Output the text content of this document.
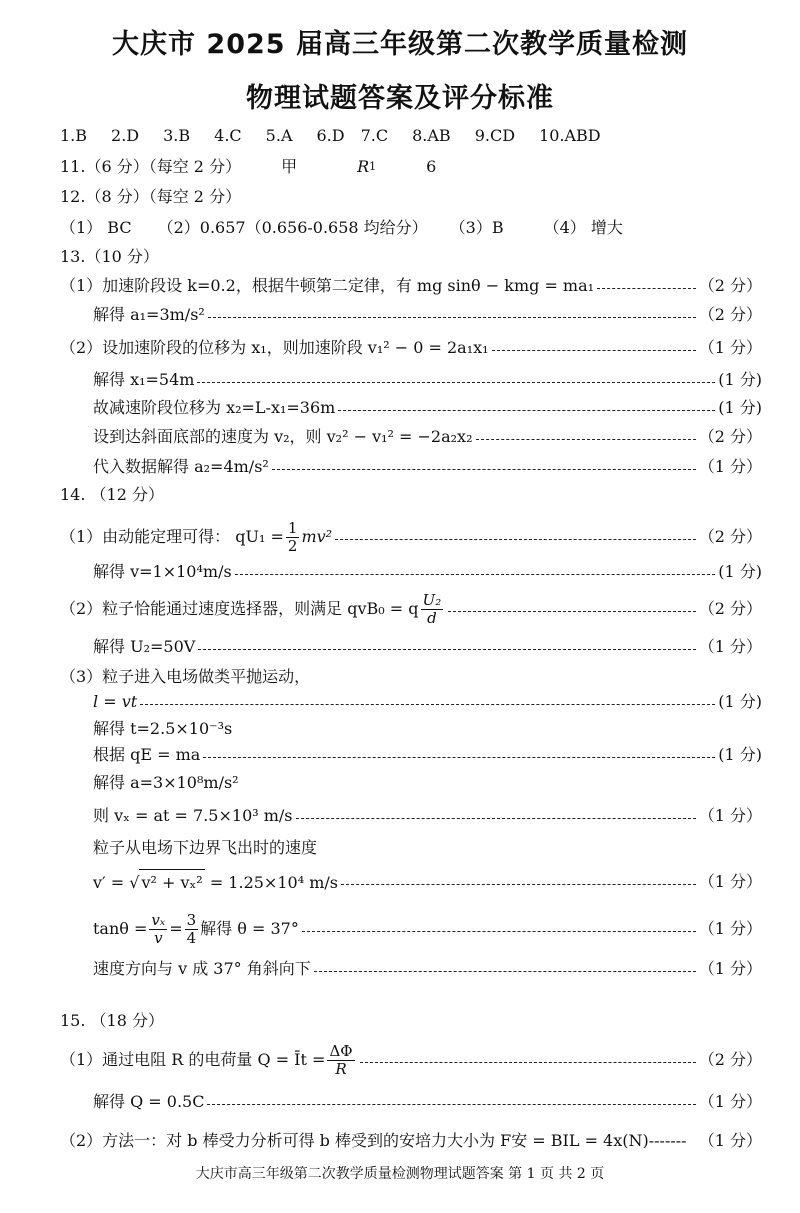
大庆市 2025 届高三年级第二次教学质量检测
物理试题答案及评分标准
1.B 2.D 3.B 4.C 5.A 6.D 7.C 8.AB 9.CD 10.ABD
11.（6 分）（每空 2 分）	甲	R 1	6
12.（8 分）（每空 2 分）
（1） BC （2）0.657（0.656-0.658 均给分） （3）B	（4） 增大
13.（10 分）
（1）加速阶段设 k=0.2，根据牛顿第二定律，有 mg sinθ − kmg = ma₁	（2 分）
解得 a₁=3m/s²	（2 分）
（2）设加速阶段的位移为 x₁，则加速阶段 v₁² − 0 = 2a₁x₁	（1 分）
解得 x₁=54m	(1 分)
故减速阶段位移为 x₂=L-x₁=36m	(1 分)
设到达斜面底部的速度为 v₂，则 v₂² − v₁² = −2a₂x₂	（2 分）
代入数据解得 a₂=4m/s²	（1 分）
14. （12 分）
（1）由动能定理可得： $qU_1 = \frac{1}{2} mv^2$	（2 分）
解得 v=1×10⁴m/s	(1 分)
（2）粒子恰能通过速度选择器，则满足 qvB₀ = q $\frac{\text{U₂}}{d}$	（2 分）
解得 U₂=50V	（1 分）
（3）粒子进入电场做类平抛运动，
l = vt	(1 分)
解得 t=2.5×10⁻³s
根据 qE = ma	(1 分)
解得 a=3×10⁸m/s²
则 vₓ = at = 7.5×10³ m/s	（1 分）
粒子从电场下边界飞出时的速度
v′ = √ v² + vₓ² = 1.25×10⁴ m/s	（1 分）
$\tan\theta = \frac{\text{vₓ}}{v} = \frac{3}{4}$ 解得 θ = 37°	（1 分）
速度方向与 v 成 37° 角斜向下	（1 分）
15. （18 分）
（1）通过电阻 R 的电荷量 Q = Īt = $\frac{\Delta\Phi}{R}$	（2 分）
解得 Q = 0.5C	（1 分）
（2）方法一：对 b 棒受力分析可得 b 棒受到的安培力大小为 F安 = BIL = 4x(N)------- （1 分）
大庆市高三年级第二次教学质量检测物理试题答案 第 1 页 共 2 页
